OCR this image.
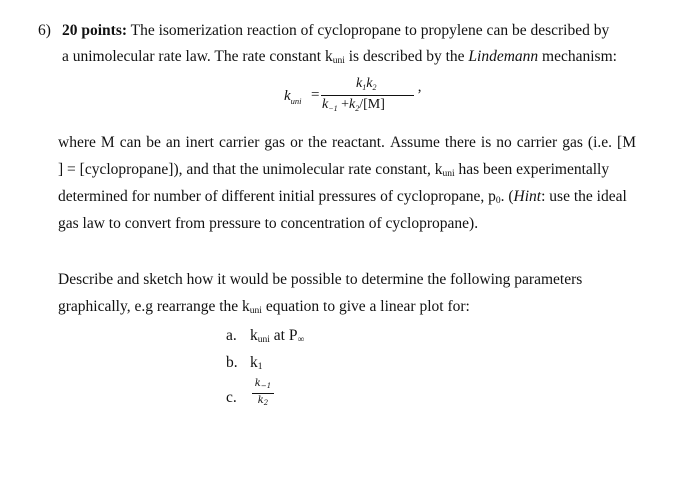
6) 20 points: The isomerization reaction of cyclopropane to propylene can be described by
a unimolecular rate law. The rate constant $k_{uni}$ is described by the Lindemann mechanism:
$k_{uni}$ =
$k_1k_2$
$k_{-1} +k_2/[M]$
’
where M can be an inert carrier gas or the reactant. Assume there is no carrier gas (i.e. [M
] = [cyclopropane]), and that the unimolecular rate constant, $k_{uni}$ has been experimentally
determined for number of different initial pressures of cyclopropane, $p_0$. (Hint: use the ideal
gas law to convert from pressure to concentration of cyclopropane).
Describe and sketch how it would be possible to determine the following parameters
graphically, e.g rearrange the $k_{uni}$ equation to give a linear plot for:
a. $k_{uni}$ at $P_\infty$
b. $k_1$
c.
$k_{-1}$
$k_2$
